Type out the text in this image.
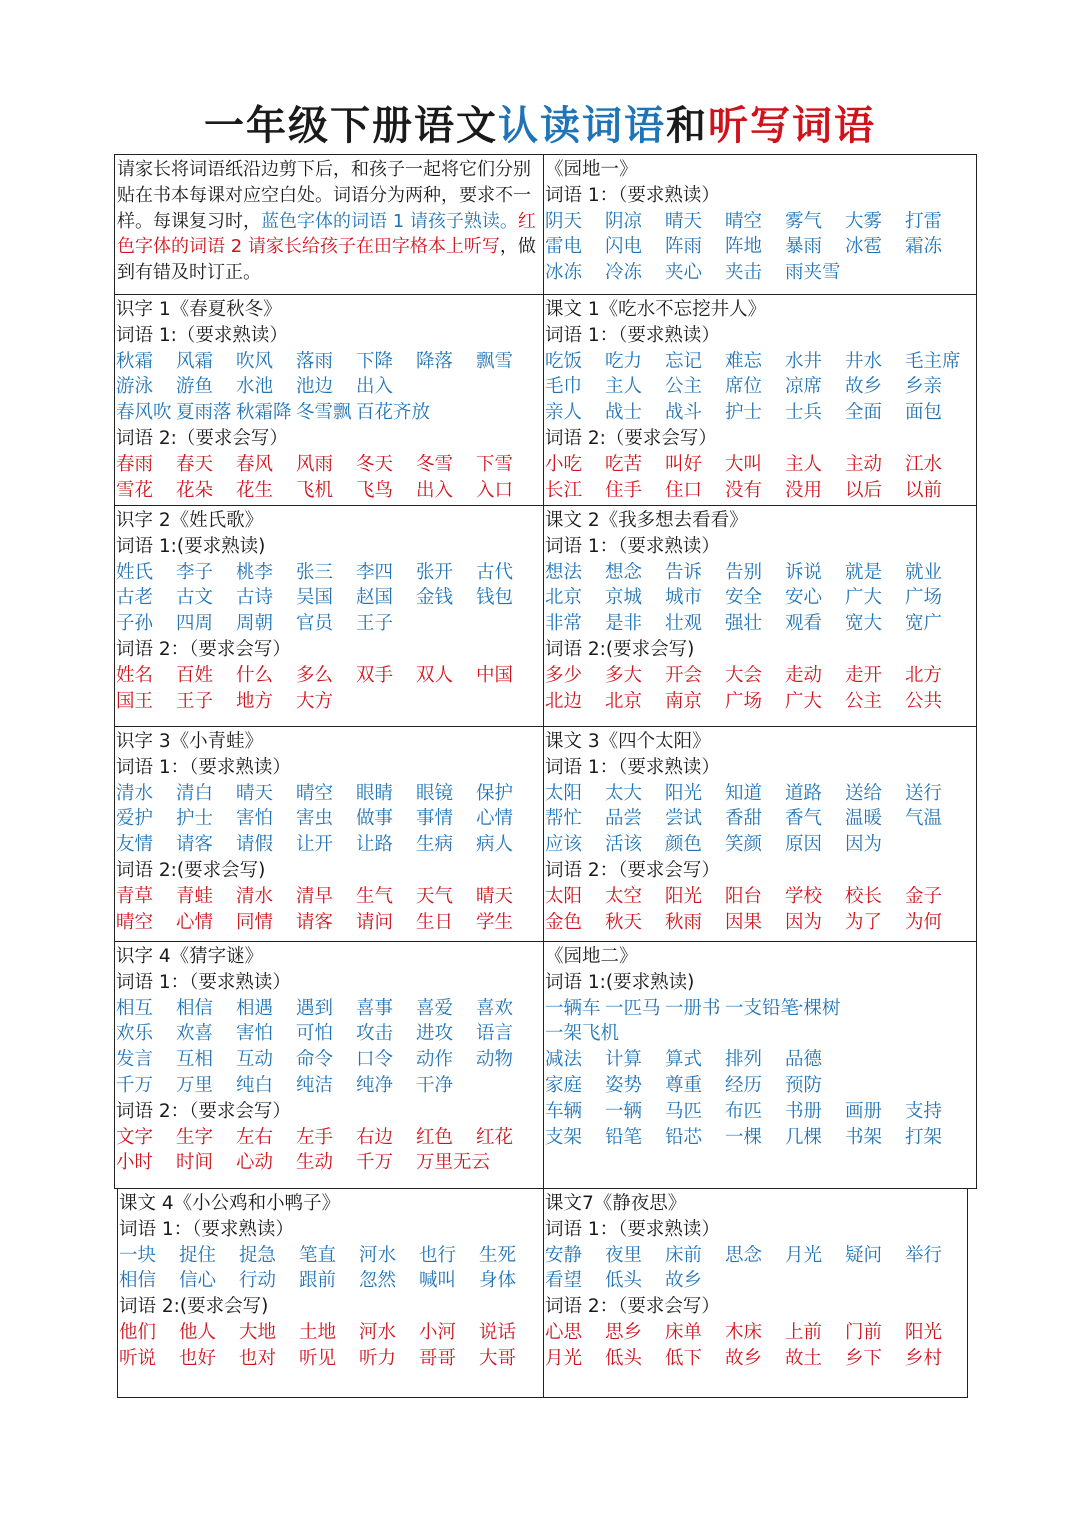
一年级下册语文认读词语和听写词语
请家长将词语纸沿边剪下后，和孩子一起将它们分别贴在书本每课对应空白处。词语分为两种，要求不一样。每课复习时，蓝色字体的词语 1 请孩子熟读。红色字体的词语 2 请家长给孩子在田字格本上听写，做到有错及时订正。
《园地一》
词语 1：（要求熟读）
阴天	阴凉	晴天	晴空	雾气	大雾	打雷
雷电	闪电	阵雨	阵地	暴雨	冰雹	霜冻
冰冻	冷冻	夹心	夹击	雨夹雪
识字 1《春夏秋冬》
词语 1:（要求熟读）
秋霜	风霜	吹风	落雨	下降	降落	飘雪
游泳	游鱼	水池	池边	出入
春风吹 夏雨落 秋霜降 冬雪飘 百花齐放
词语 2:（要求会写）
春雨	春天	春风	风雨	冬天	冬雪	下雪
雪花	花朵	花生	飞机	飞鸟	出入	入口
课文 1《吃水不忘挖井人》
词语 1：（要求熟读）
吃饭	吃力	忘记	难忘	水井	井水	毛主席
毛巾	主人	公主	席位	凉席	故乡	乡亲
亲人	战士	战斗	护士	士兵	全面	面包
词语 2:（要求会写）
小吃	吃苦	叫好	大叫	主人	主动	江水
长江	住手	住口	没有	没用	以后	以前
识字 2《姓氏歌》
词语 1:(要求熟读)
姓氏	李子	桃李	张三	李四	张开	古代
古老	古文	古诗	吴国	赵国	金钱	钱包
子孙	四周	周朝	官员	王子
词语 2：（要求会写）
姓名	百姓	什么	多么	双手	双人	中国
国王	王子	地方	大方
课文 2《我多想去看看》
词语 1：（要求熟读）
想法	想念	告诉	告别	诉说	就是	就业
北京	京城	城市	安全	安心	广大	广场
非常	是非	壮观	强壮	观看	宽大	宽广
词语 2:(要求会写)
多少	多大	开会	大会	走动	走开	北方
北边	北京	南京	广场	广大	公主	公共
识字 3《小青蛙》
词语 1：（要求熟读）
清水	清白	晴天	晴空	眼睛	眼镜	保护
爱护	护士	害怕	害虫	做事	事情	心情
友情	请客	请假	让开	让路	生病	病人
词语 2:(要求会写)
青草	青蛙	清水	清早	生气	天气	晴天
晴空	心情	同情	请客	请问	生日	学生
课文 3《四个太阳》
词语 1：（要求熟读）
太阳	太大	阳光	知道	道路	送给	送行
帮忙	品尝	尝试	香甜	香气	温暖	气温
应该	活该	颜色	笑颜	原因	因为
词语 2：（要求会写）
太阳	太空	阳光	阳台	学校	校长	金子
金色	秋天	秋雨	因果	因为	为了	为何
识字 4《猜字谜》
词语 1：（要求熟读）
相互	相信	相遇	遇到	喜事	喜爱	喜欢
欢乐	欢喜	害怕	可怕	攻击	进攻	语言
发言	互相	互动	命令	口令	动作	动物
千万	万里	纯白	纯洁	纯净	干净
词语 2：（要求会写）
文字	生字	左右	左手	右边	红色	红花
小时	时间	心动	生动	千万	万里无云
《园地二》
词语 1:(要求熟读)
一辆车 一匹马 一册书 一支铅笔
一棵树
一架飞机
减法	计算	算式	排列	品德
家庭	姿势	尊重	经历	预防
车辆	一辆	马匹	布匹	书册	画册	支持
支架	铅笔	铅芯	一棵	几棵	书架	打架
课文 4《小公鸡和小鸭子》
词语 1：（要求熟读）
一块	捉住	捉急	笔直	河水	也行	生死
相信	信心	行动	跟前	忽然	喊叫	身体
词语 2:(要求会写)
他们	他人	大地	土地	河水	小河	说话
听说	也好	也对	听见	听力	哥哥	大哥
课文7《静夜思》
词语 1：（要求熟读）
安静	夜里	床前	思念	月光	疑问	举行
看望	低头	故乡
词语 2：（要求会写）
心思	思乡	床单	木床	上前	门前	阳光
月光	低头	低下	故乡	故土	乡下	乡村
